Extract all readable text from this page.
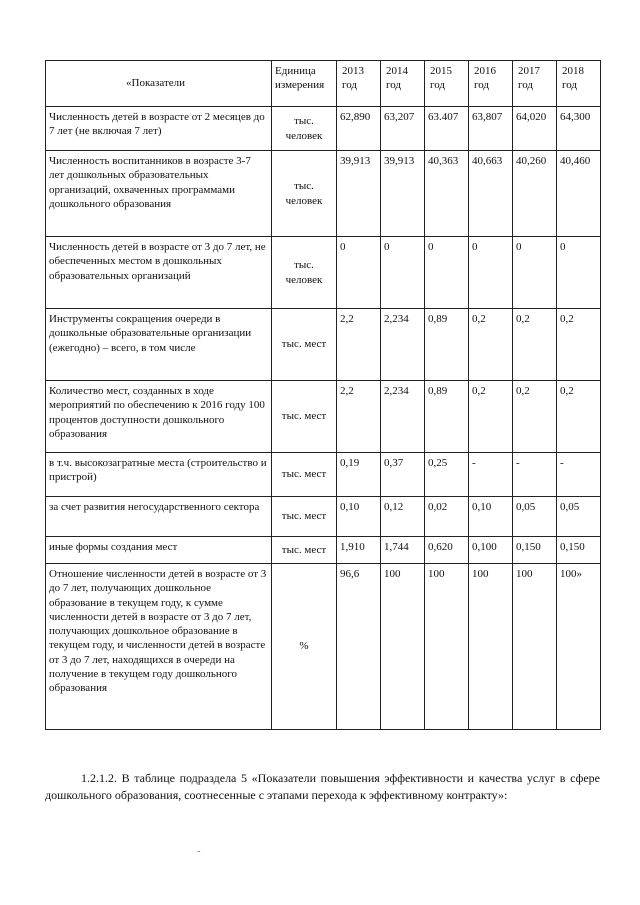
«Показатели	Единица измерения	2013 год	2014 год	2015 год	2016 год	2017 год	2018 год
Численность детей в возрасте от 2 месяцев до 7 лет (не включая 7 лет)	тыс. человек	62,890	63,207	63.407	63,807	64,020	64,300
Численность воспитанников в возрасте 3-7 лет дошкольных образовательных организаций, охваченных программами дошкольного образования	тыс. человек	39,913	39,913	40,363	40,663	40,260	40,460
Численность детей в возрасте от 3 до 7 лет, не обеспеченных местом в дошкольных образовательных организаций	тыс. человек	0	0	0	0	0	0
Инструменты сокращения очереди в дошкольные образовательные организации (ежегодно) – всего, в том числе	тыс. мест	2,2	2,234	0,89	0,2	0,2	0,2
Количество мест, созданных в ходе мероприятий по обеспечению к 2016 году 100 процентов доступности дошкольного образования	тыс. мест	2,2	2,234	0,89	0,2	0,2	0,2
в т.ч. высокозагратные места (строительство и пристрой)	тыс. мест	0,19	0,37	0,25	-	-	-
за счет развития негосударственного сектора	тыс. мест	0,10	0,12	0,02	0,10	0,05	0,05
иные формы создания мест	тыс. мест	1,910	1,744	0,620	0,100	0,150	0,150
Отношение численности детей в возрасте от 3 до 7 лет, получающих дошкольное образование в текущем году, к сумме численности детей в возрасте от 3 до 7 лет, получающих дошкольное образование в текущем году, и численности детей в возрасте от 3 до 7 лет, находящихся в очереди на получение в текущем году дошкольного образования	%	96,6	100	100	100	100	100»

1.2.1.2. В таблице подраздела 5 «Показатели повышения эффективности и качества услуг в сфере дошкольного образования, соотнесенные с этапами перехода к эффективному контракту»:

˜
